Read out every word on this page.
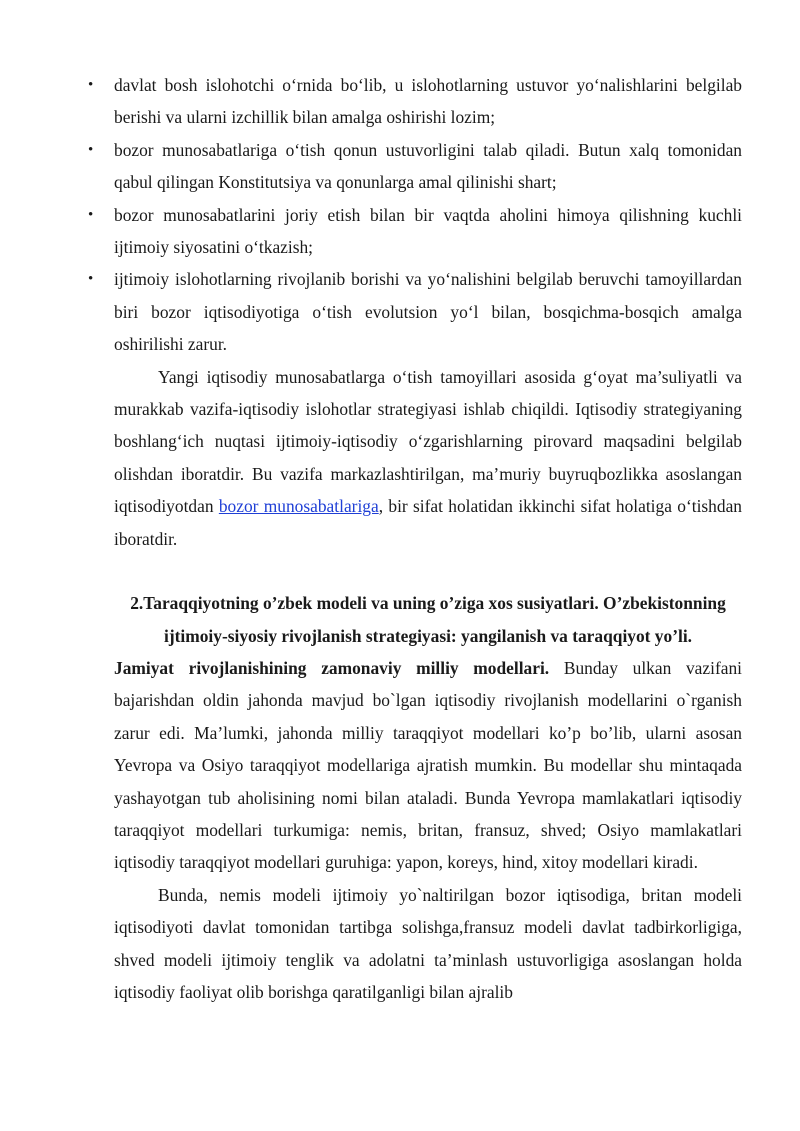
• davlat bosh islohotchi o‘rnida bo‘lib, u islohotlarning ustuvor yo‘nalishlarini belgilab berishi va ularni izchillik bilan amalga oshirishi lozim;
• bozor munosabatlariga o‘tish qonun ustuvorligini talab qiladi. Butun xalq tomonidan qabul qilingan Konstitutsiya va qonunlarga amal qilinishi shart;
• bozor munosabatlarini joriy etish bilan bir vaqtda aholini himoya qilishning kuchli ijtimoiy siyosatini o‘tkazish;
• ijtimoiy islohotlarning rivojlanib borishi va yo‘nalishini belgilab beruvchi tamoyillardan biri bozor iqtisodiyotiga o‘tish evolutsion yo‘l bilan, bosqichma-bosqich amalga oshirilishi zarur.

Yangi iqtisodiy munosabatlarga o‘tish tamoyillari asosida g‘oyat ma’suliyatli va murakkab vazifa-iqtisodiy islohotlar strategiyasi ishlab chiqildi. Iqtisodiy strategiyaning boshlang‘ich nuqtasi ijtimoiy-iqtisodiy o‘zgarishlarning pirovard maqsadini belgilab olishdan iboratdir. Bu vazifa markazlashtirilgan, ma’muriy buyruqbozlikka asoslangan iqtisodiyotdan bozor munosabatlariga, bir sifat holatidan ikkinchi sifat holatiga o‘tishdan iboratdir.

2.Taraqqiyotning o’zbek modeli va uning o’ziga xos susiyatlari. O’zbekistonning
ijtimoiy-siyosiy rivojlanish strategiyasi: yangilanish va taraqqiyot yo’li.

Jamiyat rivojlanishining zamonaviy milliy modellari. Bunday ulkan vazifani bajarishdan oldin jahonda mavjud bo`lgan iqtisodiy rivojlanish modellarini o`rganish zarur edi. Ma’lumki, jahonda milliy taraqqiyot modellari ko’p bo’lib, ularni asosan Yevropa va Osiyo taraqqiyot modellariga ajratish mumkin. Bu modellar shu mintaqada yashayotgan tub aholisining nomi bilan ataladi. Bunda Yevropa mamlakatlari iqtisodiy taraqqiyot modellari turkumiga: nemis, britan, fransuz, shved; Osiyo mamlakatlari iqtisodiy taraqqiyot modellari guruhiga: yapon, koreys, hind, xitoy modellari kiradi.

Bunda, nemis modeli ijtimoiy yo`naltirilgan bozor iqtisodiga, britan modeli iqtisodiyoti davlat tomonidan tartibga solishga,fransuz modeli davlat tadbirkorligiga, shved modeli ijtimoiy tenglik va adolatni ta’minlash ustuvorligiga asoslangan holda iqtisodiy faoliyat olib borishga qaratilganligi bilan ajralib
